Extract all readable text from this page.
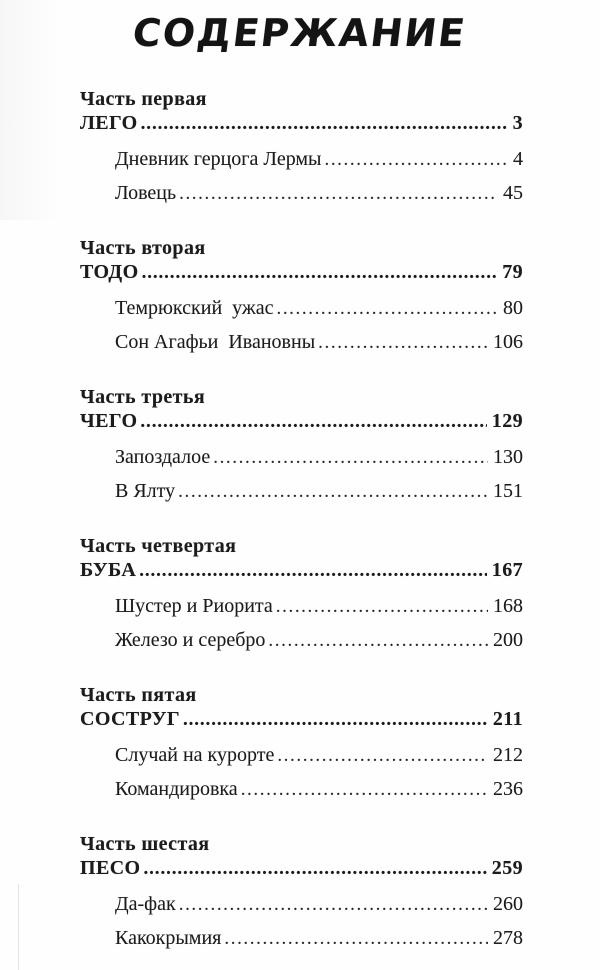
СОДЕРЖАНИЕ
Часть первая
ЛЕГО .....	3
Дневник герцога Лермы .....	4
Ловець .....	45
Часть вторая
ТОДО .....	79
Темрюкский  ужас .....	80
Сон Агафьи  Ивановны .....	106
Часть третья
ЧЕГО .....	129
Запоздалое .....	130
В Ялту .....	151
Часть четвертая
БУБА .....	167
Шустер и Риорита .....	168
Железо и серебро .....	200
Часть пятая
СОСТРУГ .....	211
Случай на курорте .....	212
Командировка .....	236
Часть шестая
ПЕСО .....	259
Да-фак .....	260
Какокрымия .....	278
